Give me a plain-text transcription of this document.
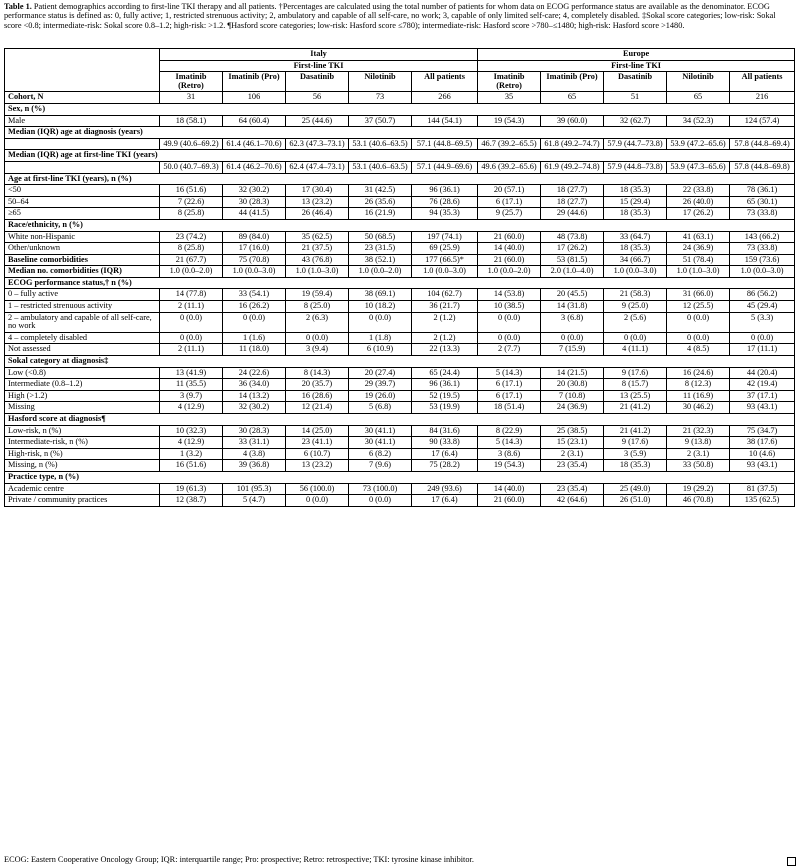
Table 1. Patient demographics according to first-line TKI therapy and all patients. †Percentages are calculated using the total number of patients for whom data on ECOG performance status are available as the denominator. ECOG performance status is defined as: 0, fully active; 1, restricted strenuous activity; 2, ambulatory and capable of all self-care, no work; 3, capable of only limited self-care; 4, completely disabled. ‡Sokal score categories; low-risk: Sokal score <0.8; intermediate-risk: Sokal score 0.8–1.2; high-risk: >1.2. ¶Hasford score categories; low-risk: Hasford score ≤780); intermediate-risk: Hasford score >780–≤1480; high-risk: Hasford score >1480.
	Italy					Europe				
	First-line TKI					First-line TKI				
	Imatinib (Retro)	Imatinib (Pro)	Dasatinib	Nilotinib	All patients	Imatinib (Retro)	Imatinib (Pro)	Dasatinib	Nilotinib	All patients
Cohort, N	31	106	56	73	266	35	65	51	65	216
Sex, n (%)										
Male	18 (58.1)	64 (60.4)	25 (44.6)	37 (50.7)	144 (54.1)	19 (54.3)	39 (60.0)	32 (62.7)	34 (52.3)	124 (57.4)
Median (IQR) age at diagnosis (years)										
	49.9 (40.6–69.2)	61.4 (46.1–70.6)	62.3 (47.3–73.1)	53.1 (40.6–63.5)	57.1 (44.8–69.5)	46.7 (39.2–65.5)	61.8 (49.2–74.7)	57.9 (44.7–73.8)	53.9 (47.2–65.6)	57.8 (44.8–69.4)
Median (IQR) age at first-line TKI (years)										
	50.0 (40.7–69.3)	61.4 (46.2–70.6)	62.4 (47.4–73.1)	53.1 (40.6–63.5)	57.1 (44.9–69.6)	49.6 (39.2–65.6)	61.9 (49.2–74.8)	57.9 (44.8–73.8)	53.9 (47.3–65.6)	57.8 (44.8–69.8)
Age at first-line TKI (years), n (%)										
<50	16 (51.6)	32 (30.2)	17 (30.4)	31 (42.5)	96 (36.1)	20 (57.1)	18 (27.7)	18 (35.3)	22 (33.8)	78 (36.1)
50–64	7 (22.6)	30 (28.3)	13 (23.2)	26 (35.6)	76 (28.6)	6 (17.1)	18 (27.7)	15 (29.4)	26 (40.0)	65 (30.1)
≥65	8 (25.8)	44 (41.5)	26 (46.4)	16 (21.9)	94 (35.3)	9 (25.7)	29 (44.6)	18 (35.3)	17 (26.2)	73 (33.8)
Race/ethnicity, n (%)										
White non-Hispanic	23 (74.2)	89 (84.0)	35 (62.5)	50 (68.5)	197 (74.1)	21 (60.0)	48 (73.8)	33 (64.7)	41 (63.1)	143 (66.2)
Other/unknown	8 (25.8)	17 (16.0)	21 (37.5)	23 (31.5)	69 (25.9)	14 (40.0)	17 (26.2)	18 (35.3)	24 (36.9)	73 (33.8)
Baseline comorbidities	21 (67.7)	75 (70.8)	43 (76.8)	38 (52.1)	177 (66.5)*	21 (60.0)	53 (81.5)	34 (66.7)	51 (78.4)	159 (73.6)
Median no. comorbidities (IQR)	1.0 (0.0–2.0)	1.0 (0.0–3.0)	1.0 (1.0–3.0)	1.0 (0.0–2.0)	1.0 (0.0–3.0)	1.0 (0.0–2.0)	2.0 (1.0–4.0)	1.0 (0.0–3.0)	1.0 (1.0–3.0)	1.0 (0.0–3.0)
ECOG performance status,† n (%)										
0 – fully active	14 (77.8)	33 (54.1)	19 (59.4)	38 (69.1)	104 (62.7)	14 (53.8)	20 (45.5)	21 (58.3)	31 (66.0)	86 (56.2)
1 – restricted strenuous activity	2 (11.1)	16 (26.2)	8 (25.0)	10 (18.2)	36 (21.7)	10 (38.5)	14 (31.8)	9 (25.0)	12 (25.5)	45 (29.4)
2 – ambulatory and capable of all self-care, no work	0 (0.0)	0 (0.0)	2 (6.3)	0 (0.0)	2 (1.2)	0 (0.0)	3 (6.8)	2 (5.6)	0 (0.0)	5 (3.3)
4 – completely disabled	0 (0.0)	1 (1.6)	0 (0.0)	1 (1.8)	2 (1.2)	0 (0.0)	0 (0.0)	0 (0.0)	0 (0.0)	0 (0.0)
Not assessed	2 (11.1)	11 (18.0)	3 (9.4)	6 (10.9)	22 (13.3)	2 (7.7)	7 (15.9)	4 (11.1)	4 (8.5)	17 (11.1)
Sokal category at diagnosis‡										
Low (<0.8)	13 (41.9)	24 (22.6)	8 (14.3)	20 (27.4)	65 (24.4)	5 (14.3)	14 (21.5)	9 (17.6)	16 (24.6)	44 (20.4)
Intermediate (0.8–1.2)	11 (35.5)	36 (34.0)	20 (35.7)	29 (39.7)	96 (36.1)	6 (17.1)	20 (30.8)	8 (15.7)	8 (12.3)	42 (19.4)
High (>1.2)	3 (9.7)	14 (13.2)	16 (28.6)	19 (26.0)	52 (19.5)	6 (17.1)	7 (10.8)	13 (25.5)	11 (16.9)	37 (17.1)
Missing	4 (12.9)	32 (30.2)	12 (21.4)	5 (6.8)	53 (19.9)	18 (51.4)	24 (36.9)	21 (41.2)	30 (46.2)	93 (43.1)
Hasford score at diagnosis¶										
Low-risk, n (%)	10 (32.3)	30 (28.3)	14 (25.0)	30 (41.1)	84 (31.6)	8 (22.9)	25 (38.5)	21 (41.2)	21 (32.3)	75 (34.7)
Intermediate-risk, n (%)	4 (12.9)	33 (31.1)	23 (41.1)	30 (41.1)	90 (33.8)	5 (14.3)	15 (23.1)	9 (17.6)	9 (13.8)	38 (17.6)
High-risk, n (%)	1 (3.2)	4 (3.8)	6 (10.7)	6 (8.2)	17 (6.4)	3 (8.6)	2 (3.1)	3 (5.9)	2 (3.1)	10 (4.6)
Missing, n (%)	16 (51.6)	39 (36.8)	13 (23.2)	7 (9.6)	75 (28.2)	19 (54.3)	23 (35.4)	18 (35.3)	33 (50.8)	93 (43.1)
Practice type, n (%)										
Academic centre	19 (61.3)	101 (95.3)	56 (100.0)	73 (100.0)	249 (93.6)	14 (40.0)	23 (35.4)	25 (49.0)	19 (29.2)	81 (37.5)
Private / community practices	12 (38.7)	5 (4.7)	0 (0.0)	0 (0.0)	17 (6.4)	21 (60.0)	42 (64.6)	26 (51.0)	46 (70.8)	135 (62.5)
ECOG: Eastern Cooperative Oncology Group; IQR: interquartile range; Pro: prospective; Retro: retrospective; TKI: tyrosine kinase inhibitor.
